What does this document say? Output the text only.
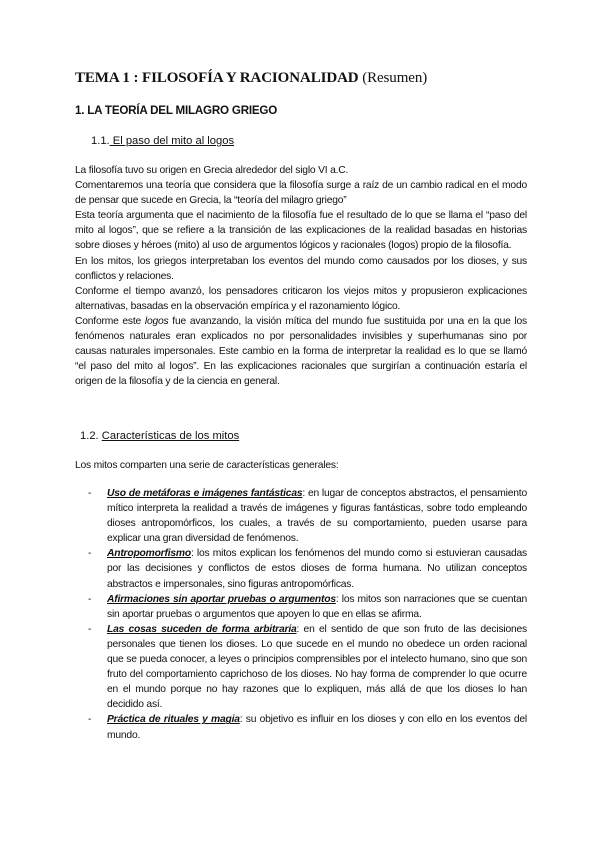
TEMA 1 : FILOSOFÍA Y RACIONALIDAD (Resumen)
1. LA TEORÍA DEL MILAGRO GRIEGO
1.1. El paso del mito al logos

La filosofía tuvo su origen en Grecia alrededor del siglo VI a.C.

Comentaremos una teoría que considera que la filosofía surge a raíz de un cambio radical en el modo de pensar que sucede en Grecia, la “teoría del milagro griego”

Esta teoría argumenta que el nacimiento de la filosofía fue el resultado de lo que se llama el “paso del mito al logos”, que se refiere a la transición de las explicaciones de la realidad basadas en historias sobre dioses y héroes (mito) al uso de argumentos lógicos y racionales (logos) propio de la filosofía.

En los mitos, los griegos interpretaban los eventos del mundo como causados por los dioses, y sus conflictos y relaciones.

Conforme el tiempo avanzó, los pensadores criticaron los viejos mitos y propusieron explicaciones alternativas, basadas en la observación empírica y el razonamiento lógico.

Conforme este logos fue avanzando, la visión mítica del mundo fue sustituida por una en la que los fenómenos naturales eran explicados no por personalidades invisibles y superhumanas sino por causas naturales impersonales. Este cambio en la forma de interpretar la realidad es lo que se llamó “el paso del mito al logos”. En las explicaciones racionales que surgirían a continuación estaría el origen de la filosofía y de la ciencia en general.

1.2. Características de los mitos

Los mitos comparten una serie de características generales:

- Uso de metáforas e imágenes fantásticas: en lugar de conceptos abstractos, el pensamiento mítico interpreta la realidad a través de imágenes y figuras fantásticas, sobre todo empleando dioses antropomórficos, los cuales, a través de su comportamiento, pueden usarse para explicar una gran diversidad de fenómenos.
- Antropomorfismo: los mitos explican los fenómenos del mundo como si estuvieran causadas por las decisiones y conflictos de estos dioses de forma humana. No utilizan conceptos abstractos e impersonales, sino figuras antropomórficas.
- Afirmaciones sin aportar pruebas o argumentos: los mitos son narraciones que se cuentan sin aportar pruebas o argumentos que apoyen lo que en ellas se afirma.
- Las cosas suceden de forma arbitraria: en el sentido de que son fruto de las decisiones personales que tienen los dioses. Lo que sucede en el mundo no obedece un orden racional que se pueda conocer, a leyes o principios comprensibles por el intelecto humano, sino que son fruto del comportamiento caprichoso de los dioses. No hay forma de comprender lo que ocurre en el mundo porque no hay razones que lo expliquen, más allá de que los dioses lo han decidido así.
- Práctica de rituales y magia: su objetivo es influir en los dioses y con ello en los eventos del mundo.
